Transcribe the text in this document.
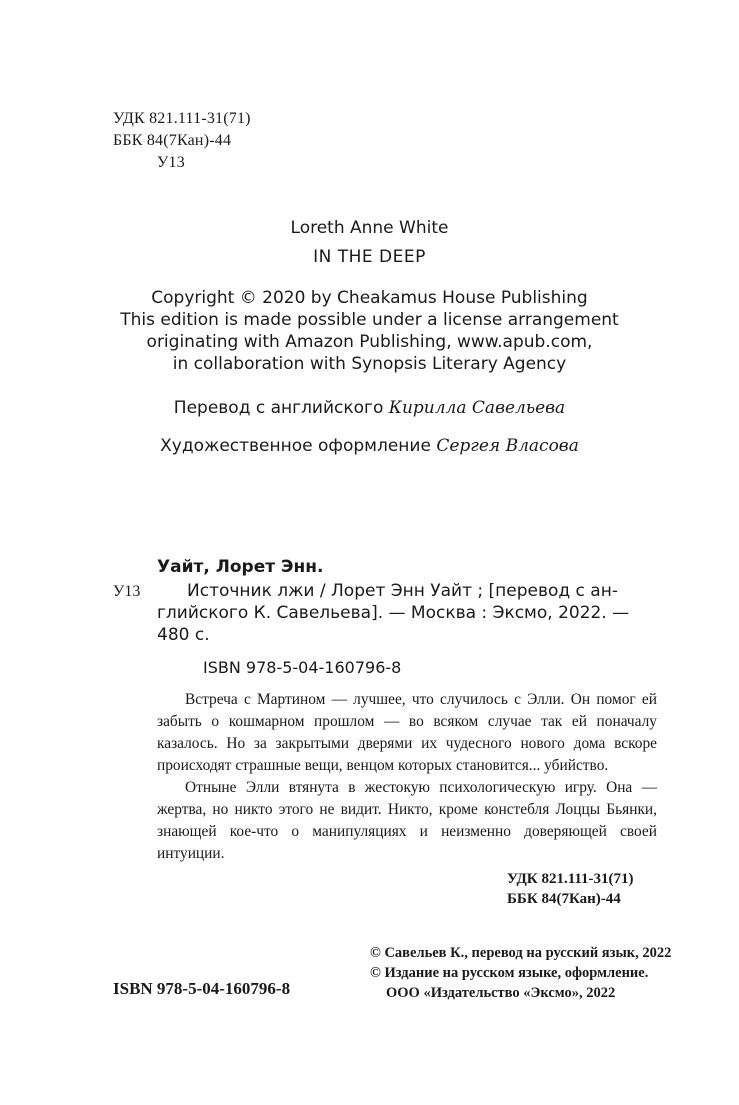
УДК 821.111-31(71)
ББК 84(7Кан)-44
У13
Loreth Anne White
IN THE DEEP
Copyright © 2020 by Cheakamus House Publishing
This edition is made possible under a license arrangement
originating with Amazon Publishing, www.apub.com,
in collaboration with Synopsis Literary Agency
Перевод с английского Кирилла Савельева
Художественное оформление Сергея Власова
Уайт, Лорет Энн.
У13	Источник лжи / Лорет Энн Уайт ; [перевод с ан-
глийского К. Савельева]. — Москва : Эксмо, 2022. —
480 с.
ISBN 978-5-04-160796-8

Встреча с Мартином — лучшее, что случилось с Элли. Он помог ей забыть о кошмарном прошлом — во всяком случае так ей поначалу казалось. Но за закрытыми дверями их чудесного нового дома вскоре происходят страшные вещи, венцом которых становится... убийство.

Отныне Элли втянута в жестокую психологическую игру. Она — жертва, но никто этого не видит. Никто, кроме констебля Лоццы Бьянки, знающей кое-что о манипуляциях и неизменно доверяющей своей интуиции.

УДК 821.111-31(71)
ББК 84(7Кан)-44
© Савельев К., перевод на русский язык, 2022
© Издание на русском языке, оформление.
ООО «Издательство «Эксмо», 2022
ISBN 978-5-04-160796-8
